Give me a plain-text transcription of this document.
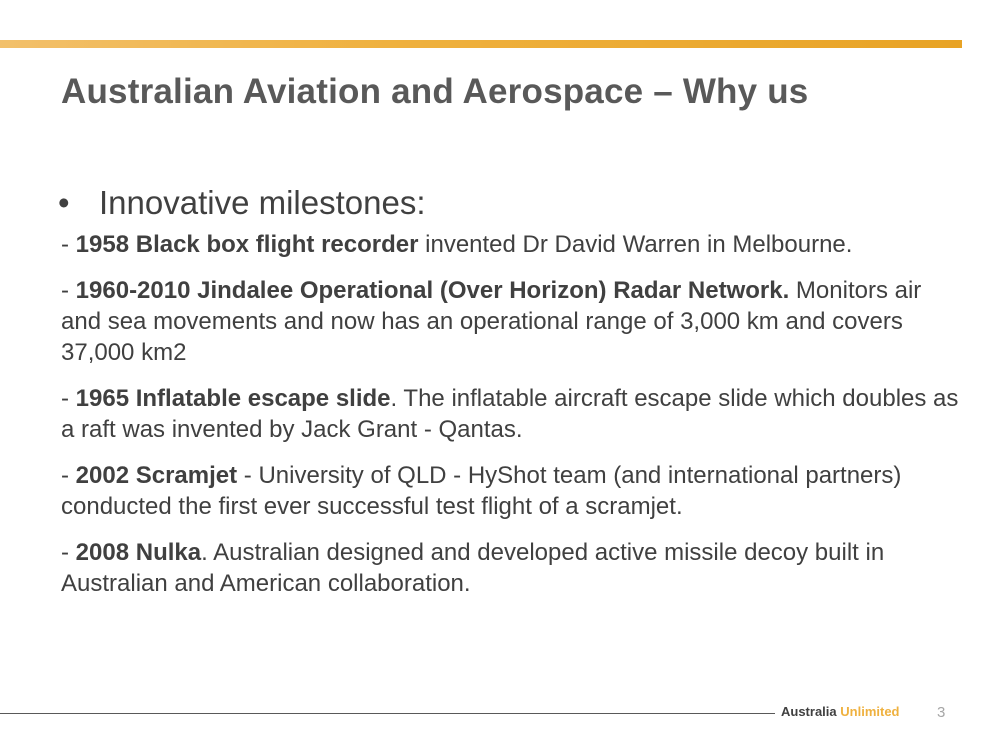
Australian Aviation and Aerospace – Why us
• Innovative milestones:

- 1958 Black box flight recorder invented Dr David Warren in Melbourne.

- 1960-2010 Jindalee Operational (Over Horizon) Radar Network. Monitors air and sea movements and now has an operational range of 3,000 km and covers 37,000 km2

- 1965 Inflatable escape slide. The inflatable aircraft escape slide which doubles as a raft was invented by Jack Grant - Qantas.

- 2002 Scramjet - University of QLD - HyShot team (and international partners) conducted the first ever successful test flight of a scramjet.

- 2008 Nulka. Australian designed and developed active missile decoy built in Australian and American collaboration.

Australia Unlimited	3
